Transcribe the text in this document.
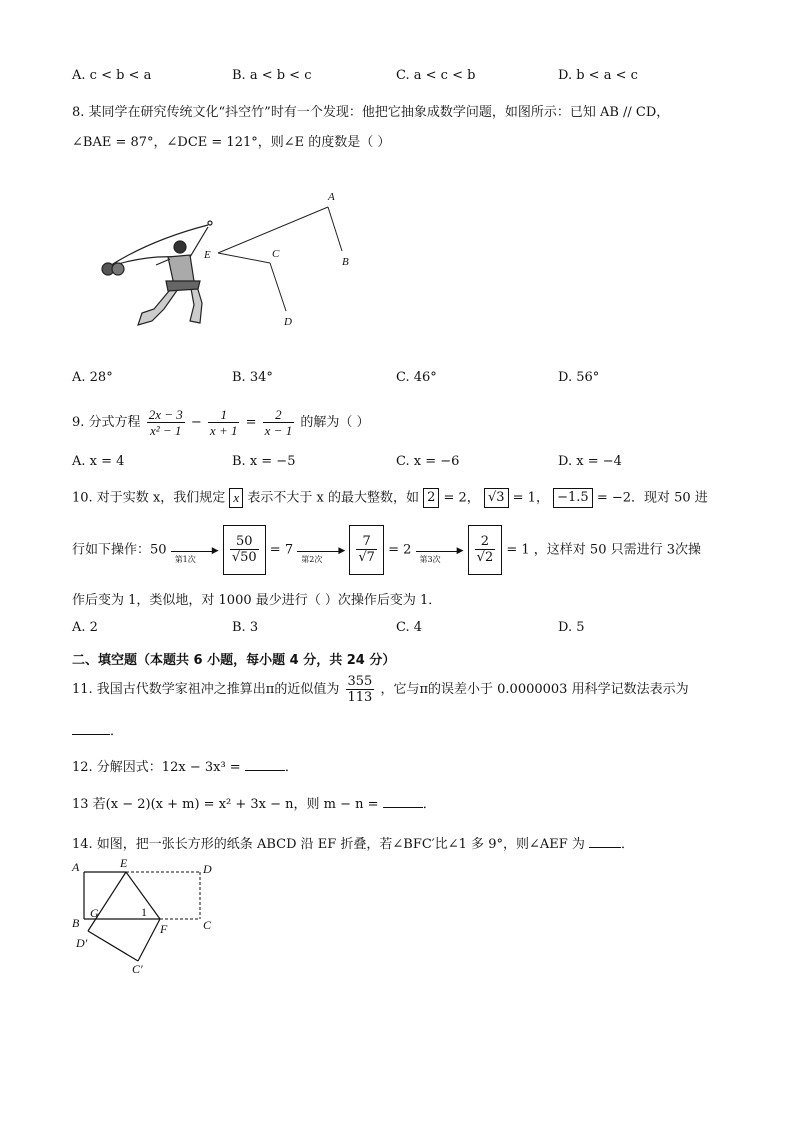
A. c < b < a	B. a < b < c	C. a < c < b	D. b < a < c
8. 某同学在研究传统文化“抖空竹”时有一个发现：他把它抽象成数学问题，如图所示：已知 AB // CD，
∠BAE = 87°，∠DCE = 121°，则∠E 的度数是（ ）
A
B
C
D
E
A. 28°	B. 34°	C. 46°	D. 56°
9. 分式方程 $\frac{2x - 3}{\text{x² − 1}} - \frac{1}{x + 1} = \frac{2}{x - 1}$ 的解为（ ）
A. x = 4	B. x = −5	C. x = −6	D. x = −4
10. 对于实数 x，我们规定 x 表示不大于 x 的最大整数，如 2 = 2， √3 = 1， −1.5 = −2．现对 50 进
行如下操作：50
第1次
▶
$\frac{50}{√50} = 7$
第2次
▶
$\frac{7}{√7} = 2$
第3次
▶
$\frac{2}{√2} = 1$ ，这样对 50 只需进行 3次操
作后变为 1，类似地，对 1000 最少进行（ ）次操作后变为 1．
A. 2	B. 3	C. 4	D. 5
二、填空题（本题共 6 小题，每小题 4 分，共 24 分）
11. 我国古代数学家祖冲之推算出π的近似值为 $\frac{355}{113}$ ，它与π的误差小于 0.0000003 用科学记数法表示为
．
12. 分解因式：12x − 3x³ =	．
13 若(x − 2)(x + m) = x² + 3x − n，则 m − n =	．
14. 如图，把一张长方形的纸条 ABCD 沿 EF 折叠，若∠BFC′比∠1 多 9°，则∠AEF 为	．
A	E	D
B
G
C
F
D′
C′
1
